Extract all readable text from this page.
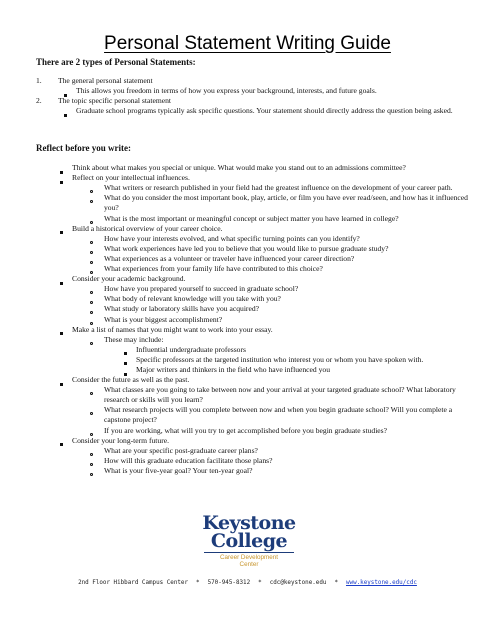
Personal Statement Writing Guide
There are 2 types of Personal Statements:
Reflect before you write:
The general personal statement
1.
This allows you freedom in terms of how you express your background, interests, and future goals.
The topic specific personal statement
2.
Graduate school programs typically ask specific questions. Your statement should directly address the question being asked.
Think about what makes you special or unique. What would make you stand out to an admissions committee?
Reflect on your intellectual influences.
What writers or research published in your field had the greatest influence on the development of your career path.
What do you consider the most important book, play, article, or film you have ever read/seen, and how has it influenced you?
What is the most important or meaningful concept or subject matter you have learned in college?
Build a historical overview of your career choice.
How have your interests evolved, and what specific turning points can you identify?
What work experiences have led you to believe that you would like to pursue graduate study?
What experiences as a volunteer or traveler have influenced your career direction?
What experiences from your family life have contributed to this choice?
Consider your academic background.
How have you prepared yourself to succeed in graduate school?
What body of relevant knowledge will you take with you?
What study or laboratory skills have you acquired?
What is your biggest accomplishment?
Make a list of names that you might want to work into your essay.
These may include:
Influential undergraduate professors
Specific professors at the targeted institution who interest you or whom you have spoken with.
Major writers and thinkers in the field who have influenced you
Consider the future as well as the past.
What classes are you going to take between now and your arrival at your targeted graduate school? What laboratory research or skills will you learn?
What research projects will you complete between now and when you begin graduate school? Will you complete a capstone project?
If you are working, what will you try to get accomplished before you begin graduate studies?
Consider your long-term future.
What are your specific post-graduate career plans?
How will this graduate education facilitate those plans?
What is your five-year goal? Your ten-year goal?
Keystone
College
Career Development
Center
2nd Floor Hibbard Campus Center * 570-945-8312 * cdc@keystone.edu * www.keystone.edu/cdc
